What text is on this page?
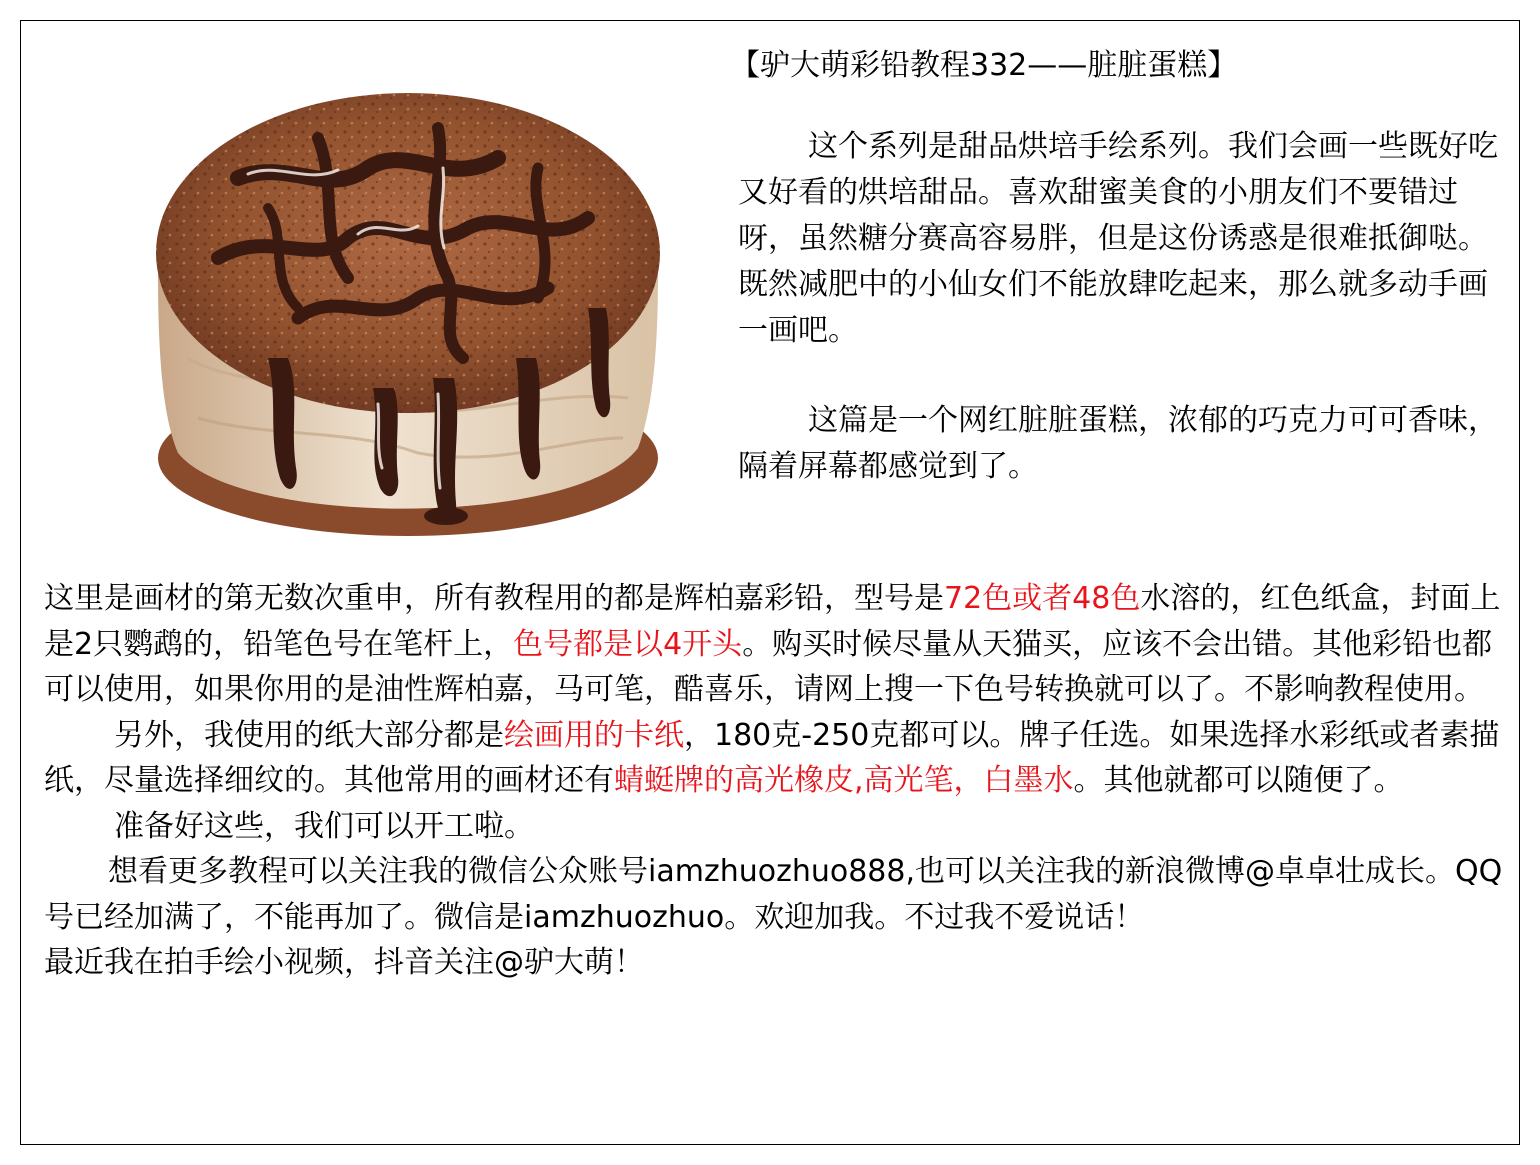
【驴大萌彩铅教程332——脏脏蛋糕】

这个系列是甜品烘培手绘系列。我们会画一些既好吃又好看的烘培甜品。喜欢甜蜜美食的小朋友们不要错过呀，虽然糖分赛高容易胖，但是这份诱惑是很难抵御哒。既然减肥中的小仙女们不能放肆吃起来，那么就多动手画一画吧。

这篇是一个网红脏脏蛋糕，浓郁的巧克力可可香味，隔着屏幕都感觉到了。

这里是画材的第无数次重申，所有教程用的都是辉柏嘉彩铅，型号是72色或者48色水溶的，红色纸盒，封面上是2只鹦鹉的，铅笔色号在笔杆上，色号都是以4开头。购买时候尽量从天猫买，应该不会出错。其他彩铅也都可以使用，如果你用的是油性辉柏嘉，马可笔，酷喜乐，请网上搜一下色号转换就可以了。不影响教程使用。

另外，我使用的纸大部分都是绘画用的卡纸，180克-250克都可以。牌子任选。如果选择水彩纸或者素描纸，尽量选择细纹的。其他常用的画材还有蜻蜓牌的高光橡皮,高光笔，白墨水。其他就都可以随便了。

准备好这些，我们可以开工啦。

想看更多教程可以关注我的微信公众账号iamzhuozhuo888,也可以关注我的新浪微博@卓卓壮成长。QQ号已经加满了，不能再加了。微信是iamzhuozhuo。欢迎加我。不过我不爱说话！

最近我在拍手绘小视频，抖音关注@驴大萌！
